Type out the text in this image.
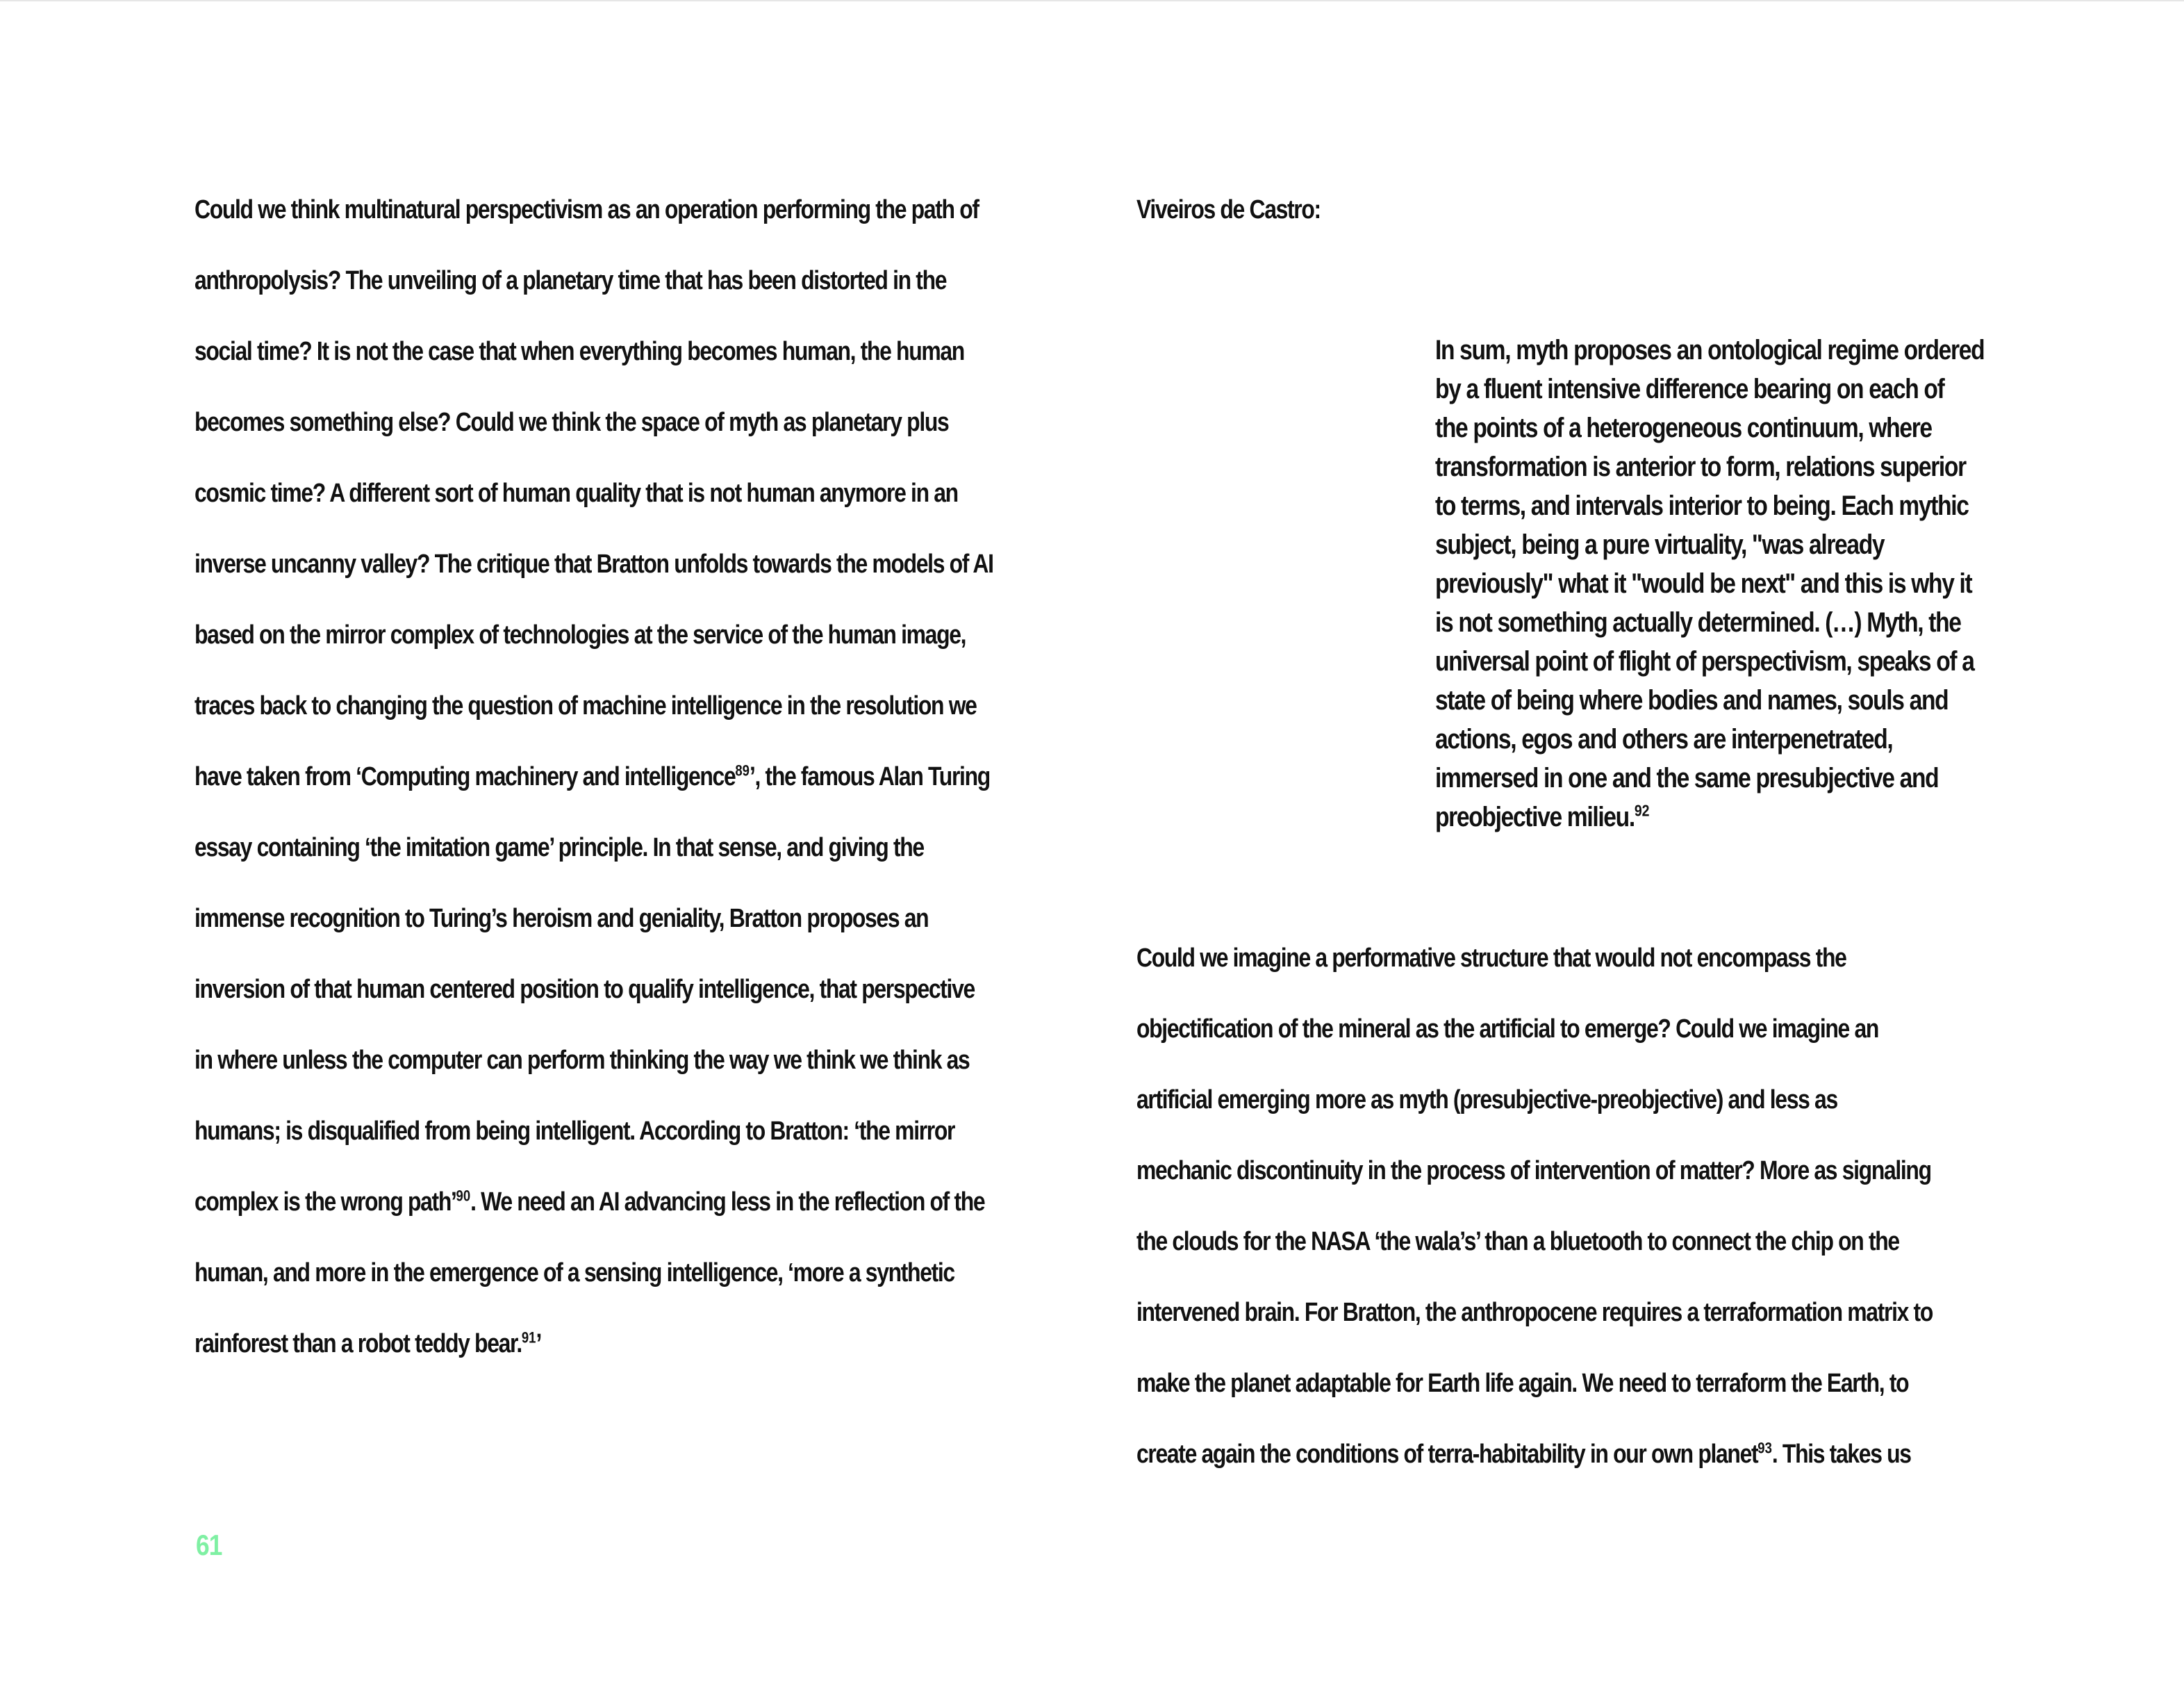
Could we think multinatural perspectivism as an operation performing the path of
anthropolysis? The unveiling of a planetary time that has been distorted in the
social time? It is not the case that when everything becomes human, the human
becomes something else? Could we think the space of myth as planetary plus
cosmic time? A different sort of human quality that is not human anymore in an
inverse uncanny valley? The critique that Bratton unfolds towards the models of AI
based on the mirror complex of technologies at the service of the human image,
traces back to changing the question of machine intelligence in the resolution we
have taken from ‘Computing machinery and intelligence$^{89}$’, the famous Alan Turing
essay containing ‘the imitation game’ principle. In that sense, and giving the
immense recognition to Turing’s heroism and geniality, Bratton proposes an
inversion of that human centered position to qualify intelligence, that perspective
in where unless the computer can perform thinking the way we think we think as
humans; is disqualified from being intelligent. According to Bratton: ‘the mirror
complex is the wrong path’$^{90}$. We need an AI advancing less in the reflection of the
human, and more in the emergence of a sensing intelligence, ‘more a synthetic
rainforest than a robot teddy bear.$^{91}$’
Viveiros de Castro:
In sum, myth proposes an ontological regime ordered
by a fluent intensive difference bearing on each of
the points of a heterogeneous continuum, where
transformation is anterior to form, relations superior
to terms, and intervals interior to being. Each mythic
subject, being a pure virtuality, "was already
previously" what it "would be next" and this is why it
is not something actually determined. (…) Myth, the
universal point of flight of perspectivism, speaks of a
state of being where bodies and names, souls and
actions, egos and others are interpenetrated,
immersed in one and the same presubjective and
preobjective milieu.$^{92}$
Could we imagine a performative structure that would not encompass the
objectification of the mineral as the artificial to emerge? Could we imagine an
artificial emerging more as myth (presubjective-preobjective) and less as
mechanic discontinuity in the process of intervention of matter? More as signaling
the clouds for the NASA ‘the wala’s’ than a bluetooth to connect the chip on the
intervened brain. For Bratton, the anthropocene requires a terraformation matrix to
make the planet adaptable for Earth life again. We need to terraform the Earth, to
create again the conditions of terra-habitability in our own planet$^{93}$. This takes us
61
